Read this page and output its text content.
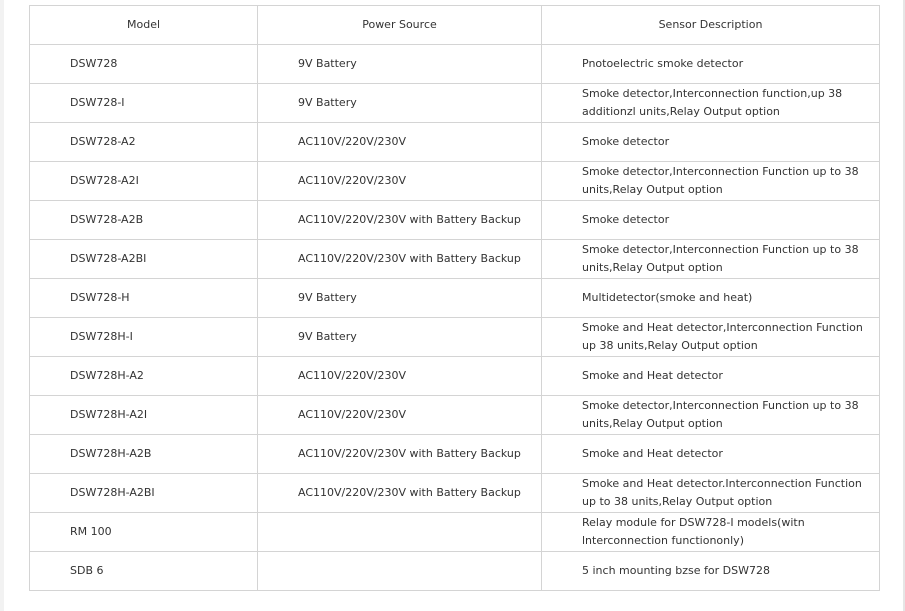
Model	Power Source	Sensor Description
DSW728	9V Battery	Pnotoelectric smoke detector
DSW728-I	9V Battery	Smoke detector,Interconnection function,up 38 additionzl units,Relay Output option
DSW728-A2	AC110V/220V/230V	Smoke detector
DSW728-A2I	AC110V/220V/230V	Smoke detector,Interconnection Function up to 38 units,Relay Output option
DSW728-A2B	AC110V/220V/230V with Battery Backup	Smoke detector
DSW728-A2BI	AC110V/220V/230V with Battery Backup	Smoke detector,Interconnection Function up to 38 units,Relay Output option
DSW728-H	9V Battery	Multidetector(smoke and heat)
DSW728H-I	9V Battery	Smoke and Heat detector,Interconnection Function up 38 units,Relay Output option
DSW728H-A2	AC110V/220V/230V	Smoke and Heat detector
DSW728H-A2I	AC110V/220V/230V	Smoke detector,Interconnection Function up to 38 units,Relay Output option
DSW728H-A2B	AC110V/220V/230V with Battery Backup	Smoke and Heat detector
DSW728H-A2BI	AC110V/220V/230V with Battery Backup	Smoke and Heat detector.Interconnection Function up to 38 units,Relay Output option
RM 100		Relay module for DSW728-I models(witn lnterconnection functiononly)
SDB 6		5 inch mounting bzse for DSW728
